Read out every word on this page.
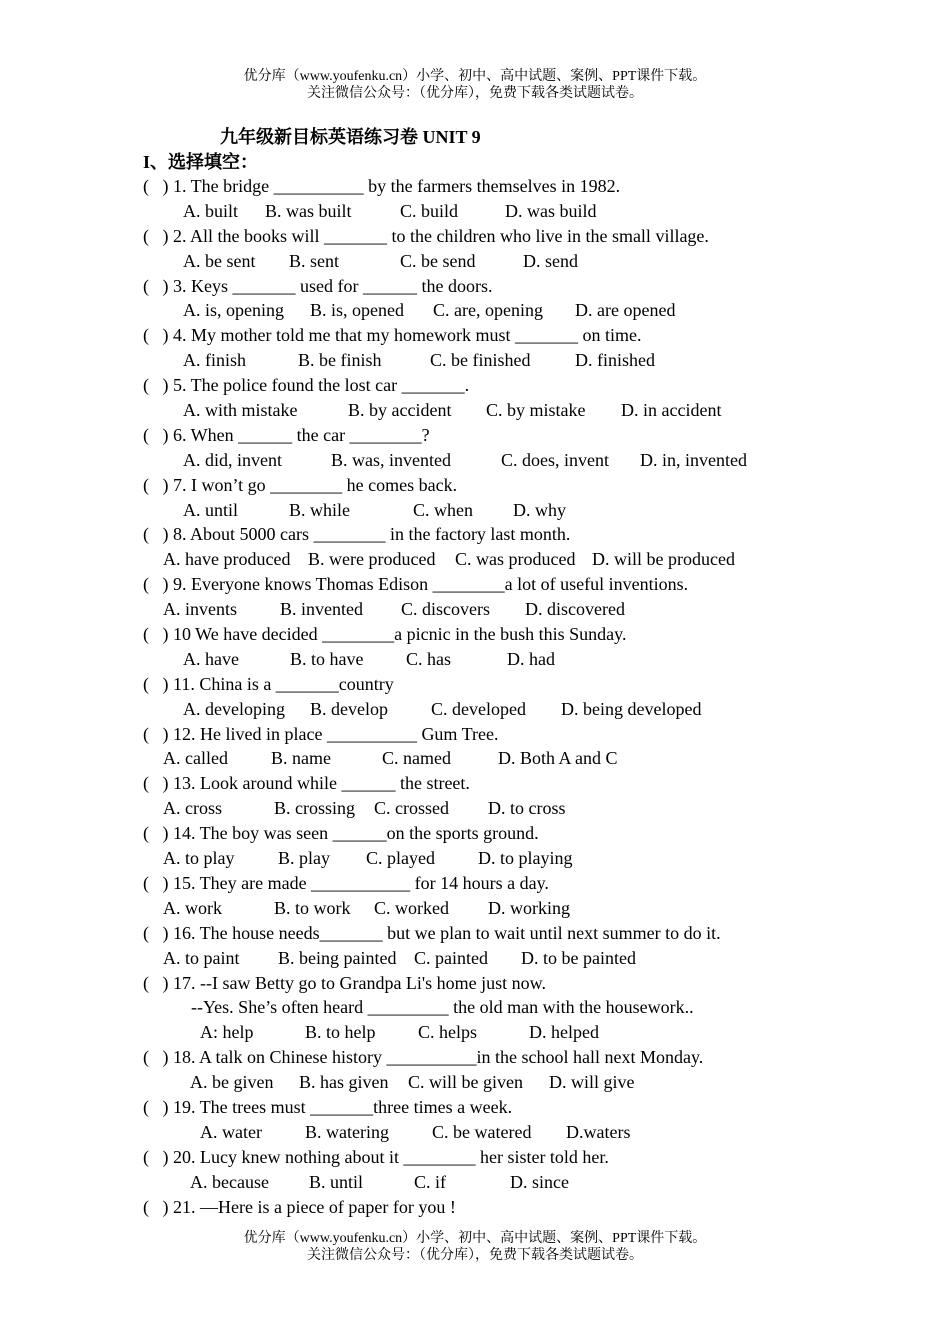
优分库（www.youfenku.cn）小学、初中、高中试题、案例、PPT课件下载。
关注微信公众号：（优分库），免费下载各类试题试卷。
九年级新目标英语练习卷 UNIT 9
I、选择填空：
(   ) 1. The bridge __________ by the farmers themselves in 1982.
A. built B. was built	C. build	D. was build
(   ) 2. All the books will _______ to the children who live in the small village.
A. be sent B. sent	C. be send	D. send
(   ) 3. Keys _______ used for ______ the doors.
A. is, opening B. is, opened C. are, opening D. are opened
(   ) 4. My mother told me that my homework must _______ on time.
A. finish	B. be finish	C. be finished D. finished
(   ) 5. The police found the lost car _______.
A. with mistake	B. by accident C. by mistake D. in accident
(   ) 6. When ______ the car ________?
A. did, invent	B. was, invented	C. does, invent D. in, invented
(   ) 7. I won’t go ________ he comes back.
A. until	B. while	C. when D. why
(   ) 8. About 5000 cars ________ in the factory last month.
A. have produced B. were produced C. was produced D. will be produced
(   ) 9. Everyone knows Thomas Edison ________a lot of useful inventions.
A. invents B. invented C. discovers D. discovered
(   ) 10 We have decided ________a picnic in the bush this Sunday.
A. have	B. to have C. has	D. had
(   ) 11. China is a _______country
A. developing B. develop C. developed D. being developed
(   ) 12. He lived in place __________ Gum Tree.
A. called B. name	C. named	D. Both A and C
(   ) 13. Look around while ______ the street.
A. cross	B. crossing C. crossed D. to cross
(   ) 14. The boy was seen ______on the sports ground.
A. to play B. play C. played D. to playing
(   ) 15. They are made ___________ for 14 hours a day.
A. work	B. to work C. worked D. working
(   ) 16. The house needs_______ but we plan to wait until next summer to do it.
A. to paint B. being painted C. painted D. to be painted
(   ) 17. --I saw Betty go to Grandpa Li's home just now.
--Yes. She’s often heard _________ the old man with the housework..
A: help	B. to help C. helps	D. helped
(   ) 18. A talk on Chinese history __________in the school hall next Monday.
A. be given B. has given C. will be given D. will give
(   ) 19. The trees must _______three times a week.
A. water B. watering C. be watered D.waters
(   ) 20. Lucy knew nothing about it ________ her sister told her.
A. because B. until	C. if	D. since
(   ) 21. —Here is a piece of paper for you !
优分库（www.youfenku.cn）小学、初中、高中试题、案例、PPT课件下载。
关注微信公众号：（优分库），免费下载各类试题试卷。
